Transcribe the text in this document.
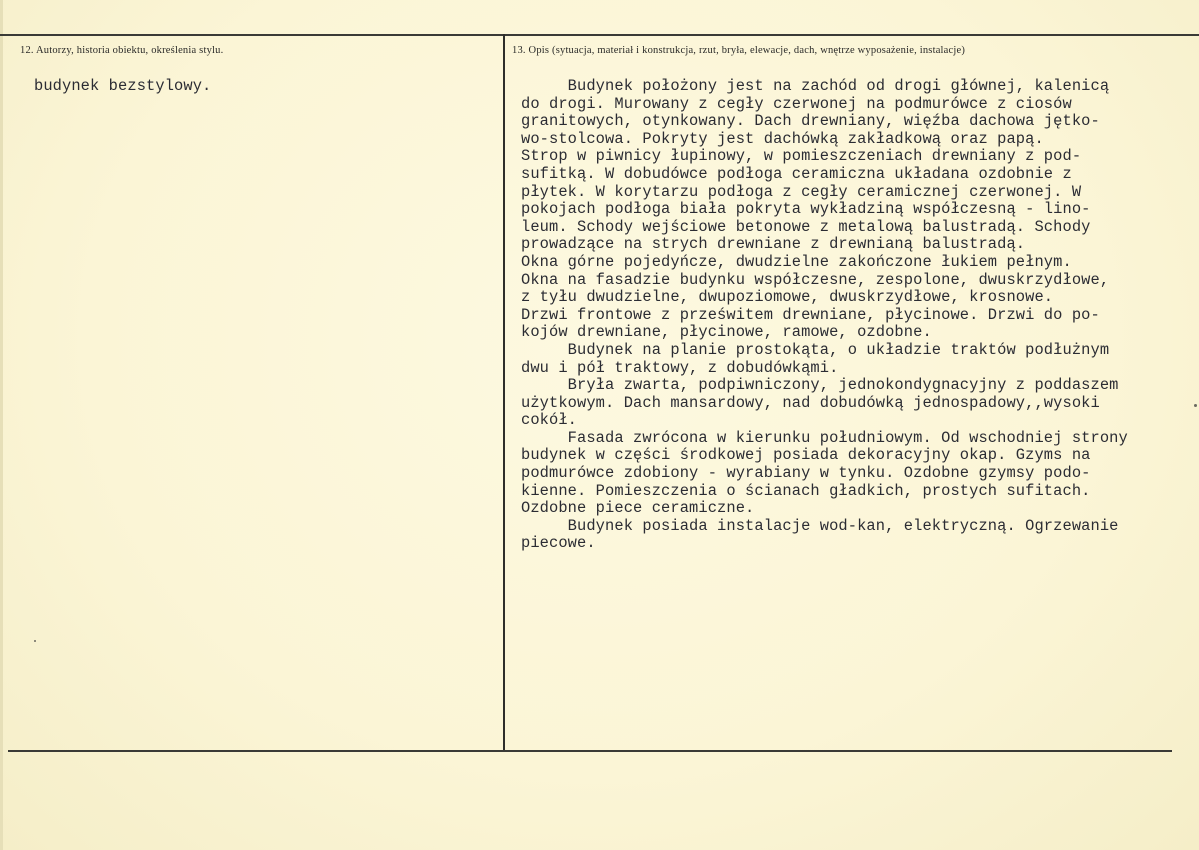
12. Autorzy, historia obiektu, określenia stylu.
budynek bezstylowy.
13. Opis (sytuacja, materiał i konstrukcja, rzut, bryła, elewacje, dach, wnętrze wyposażenie, instalacje)
Budynek położony jest na zachód od drogi głównej, kalenicą
do drogi. Murowany z cegły czerwonej na podmurówce z ciosów
granitowych, otynkowany. Dach drewniany, więźba dachowa jętko-
wo-stolcowa. Pokryty jest dachówką zakładkową oraz papą.
Strop w piwnicy łupinowy, w pomieszczeniach drewniany z pod-
sufitką. W dobudówce podłoga ceramiczna układana ozdobnie z
płytek. W korytarzu podłoga z cegły ceramicznej czerwonej. W
pokojach podłoga biała pokryta wykładziną współczesną - lino-
leum. Schody wejściowe betonowe z metalową balustradą. Schody
prowadzące na strych drewniane z drewnianą balustradą.
Okna górne pojedyńcze, dwudzielne zakończone łukiem pełnym.
Okna na fasadzie budynku współczesne, zespolone, dwuskrzydłowe,
z tyłu dwudzielne, dwupoziomowe, dwuskrzydłowe, krosnowe.
Drzwi frontowe z prześwitem drewniane, płycinowe. Drzwi do po-
kojów drewniane, płycinowe, ramowe, ozdobne.
Budynek na planie prostokąta, o układzie traktów podłużnym
dwu i pół traktowy, z dobudówkąmi.
Bryła zwarta, podpiwniczony, jednokondygnacyjny z poddaszem
użytkowym. Dach mansardowy, nad dobudówką jednospadowy,,wysoki
cokół.
Fasada zwrócona w kierunku południowym. Od wschodniej strony
budynek w części środkowej posiada dekoracyjny okap. Gzyms na
podmurówce zdobiony - wyrabiany w tynku. Ozdobne gzymsy podo-
kienne. Pomieszczenia o ścianach gładkich, prostych sufitach.
Ozdobne piece ceramiczne.
Budynek posiada instalacje wod-kan, elektryczną. Ogrzewanie
piecowe.
